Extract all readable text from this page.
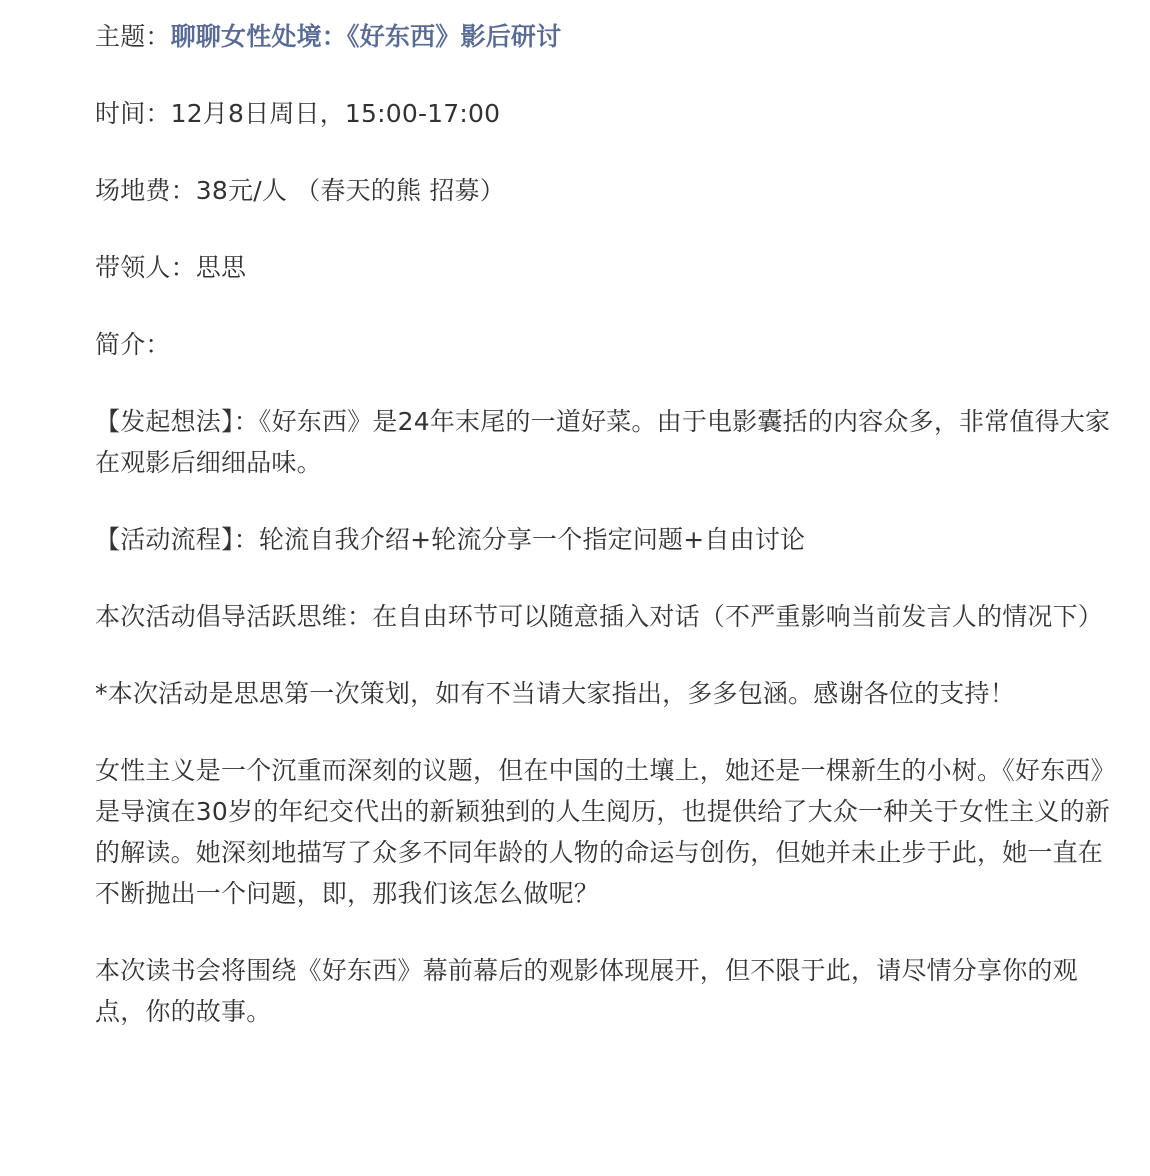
主题：聊聊女性处境：《好东西》影后研讨

时间：12月8日周日，15:00-17:00

场地费：38元/人 （春天的熊 招募）

带领人：思思

简介：

【发起想法】：《好东西》是24年末尾的一道好菜。由于电影囊括的内容众多，非常值得大家在观影后细细品味。

【活动流程】：轮流自我介绍+轮流分享一个指定问题+自由讨论

本次活动倡导活跃思维：在自由环节可以随意插入对话（不严重影响当前发言人的情况下）

*本次活动是思思第一次策划，如有不当请大家指出，多多包涵。感谢各位的支持！

女性主义是一个沉重而深刻的议题，但在中国的土壤上，她还是一棵新生的小树。《好东西》是导演在30岁的年纪交代出的新颖独到的人生阅历，也提供给了大众一种关于女性主义的新的解读。她深刻地描写了众多不同年龄的人物的命运与创伤，但她并未止步于此，她一直在不断抛出一个问题，即，那我们该怎么做呢？

本次读书会将围绕《好东西》幕前幕后的观影体现展开，但不限于此，请尽情分享你的观点，你的故事。
